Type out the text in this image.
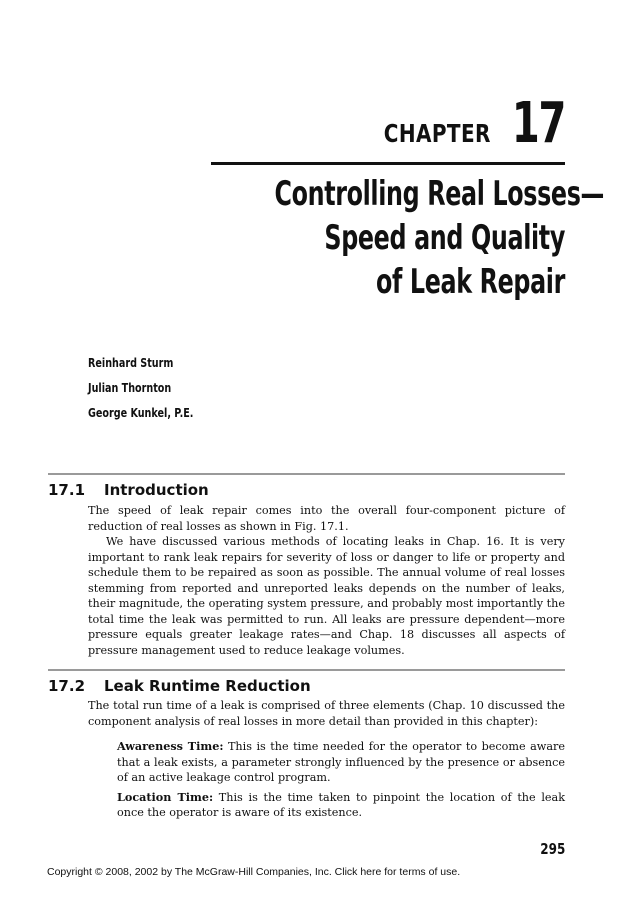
CHAPTER 17
Controlling Real Losses—
Speed and Quality
of Leak Repair
Reinhard Sturm
Julian Thornton
George Kunkel, P.E.
17.1 Introduction

The speed of leak repair comes into the overall four-component picture of reduction of real losses as shown in Fig. 17.1.

We have discussed various methods of locating leaks in Chap. 16. It is very important to rank leak repairs for severity of loss or danger to life or property and schedule them to be repaired as soon as possible. The annual volume of real losses stemming from reported and unreported leaks depends on the number of leaks, their magnitude, the operating system pressure, and probably most importantly the total time the leak was permitted to run. All leaks are pressure dependent—more pressure equals greater leakage rates—and Chap. 18 discusses all aspects of pressure management used to reduce leakage volumes.

17.2 Leak Runtime Reduction

The total run time of a leak is comprised of three elements (Chap. 10 discussed the component analysis of real losses in more detail than provided in this chapter):

Awareness Time: This is the time needed for the operator to become aware that a leak exists, a parameter strongly influenced by the presence or absence of an active leakage control program.

Location Time: This is the time taken to pinpoint the location of the leak once the operator is aware of its existence.

295
Copyright © 2008, 2002 by The McGraw-Hill Companies, Inc. Click here for terms of use.
